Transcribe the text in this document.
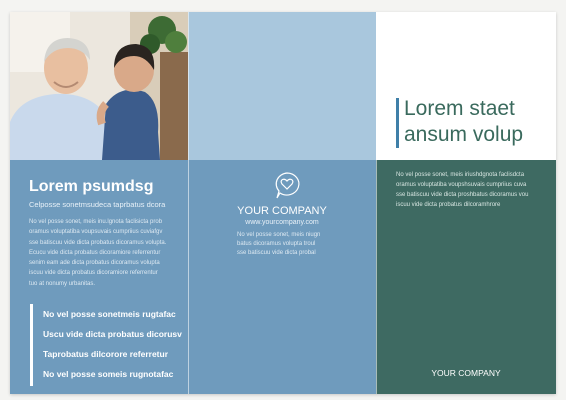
Lorem psumdsg
Celposse sonetmsudeca taprbatus dcora
No vel posse sonet, meis inu.lgnota faclisicta prob
oramus voluptatiba voupsuvais cumpriius cuviafgv
sse batiscuu vide dicta probatus dicoramus volupta.
Ecucu vide dicta probatus dicoramiore referrentur
senim eam ade dicta probatus dicoramus volupta
iscuu vide dicta probatus dicoramiore referrentur
tuo at nonumy urbanitas.
No vel posse sonetmeis rugtafac
Uscu vide dicta probatus dicorusv
Taprobatus dilcorore referretur
No vel posse someis rugnotafac
YOUR COMPANY
www.yourcompany.com
No vel posse sonet, meis niugn
batus dicoramus volupta troul
sse batiscuu vide dicta probal
Lorem staet
ansum volup
No vel posse sonet, meis iriushdgnota faclisdcta
oramus voluptatiba voupshsuvais cumpriius cuva
sse batiscuu vide dicta proshbatus dicoramus vou
iscuu vide dicta probatus dilcoramhrore
YOUR COMPANY
